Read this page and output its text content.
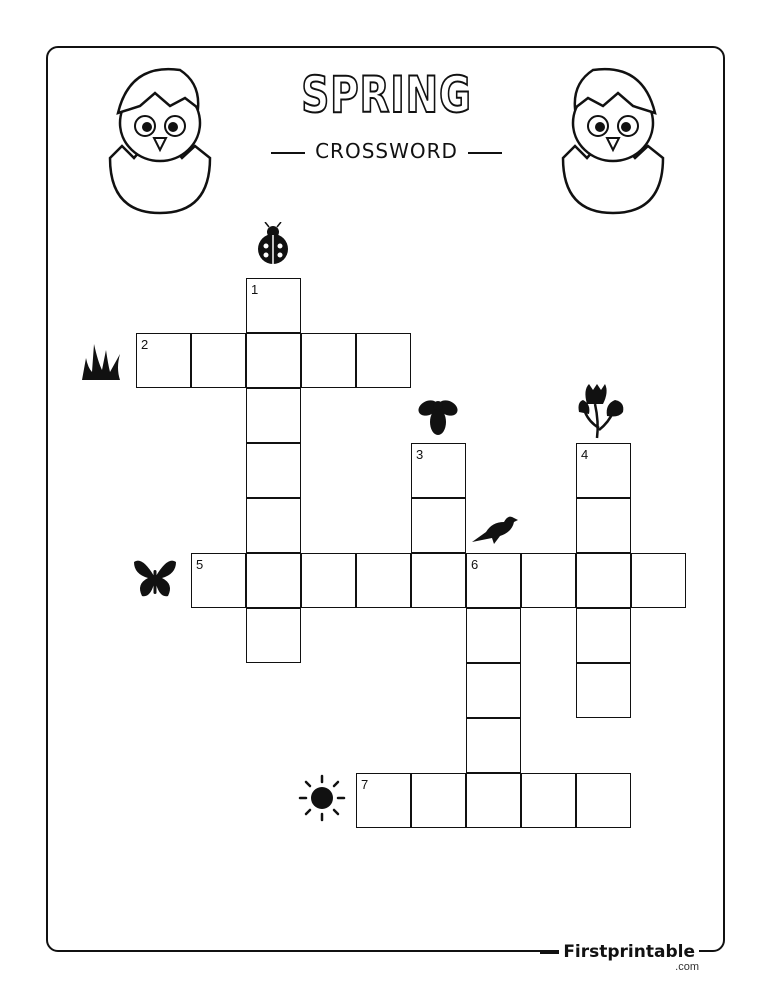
SPRING
CROSSWORD
1
2
3	4
5	6
7
Firstprintable
.com
